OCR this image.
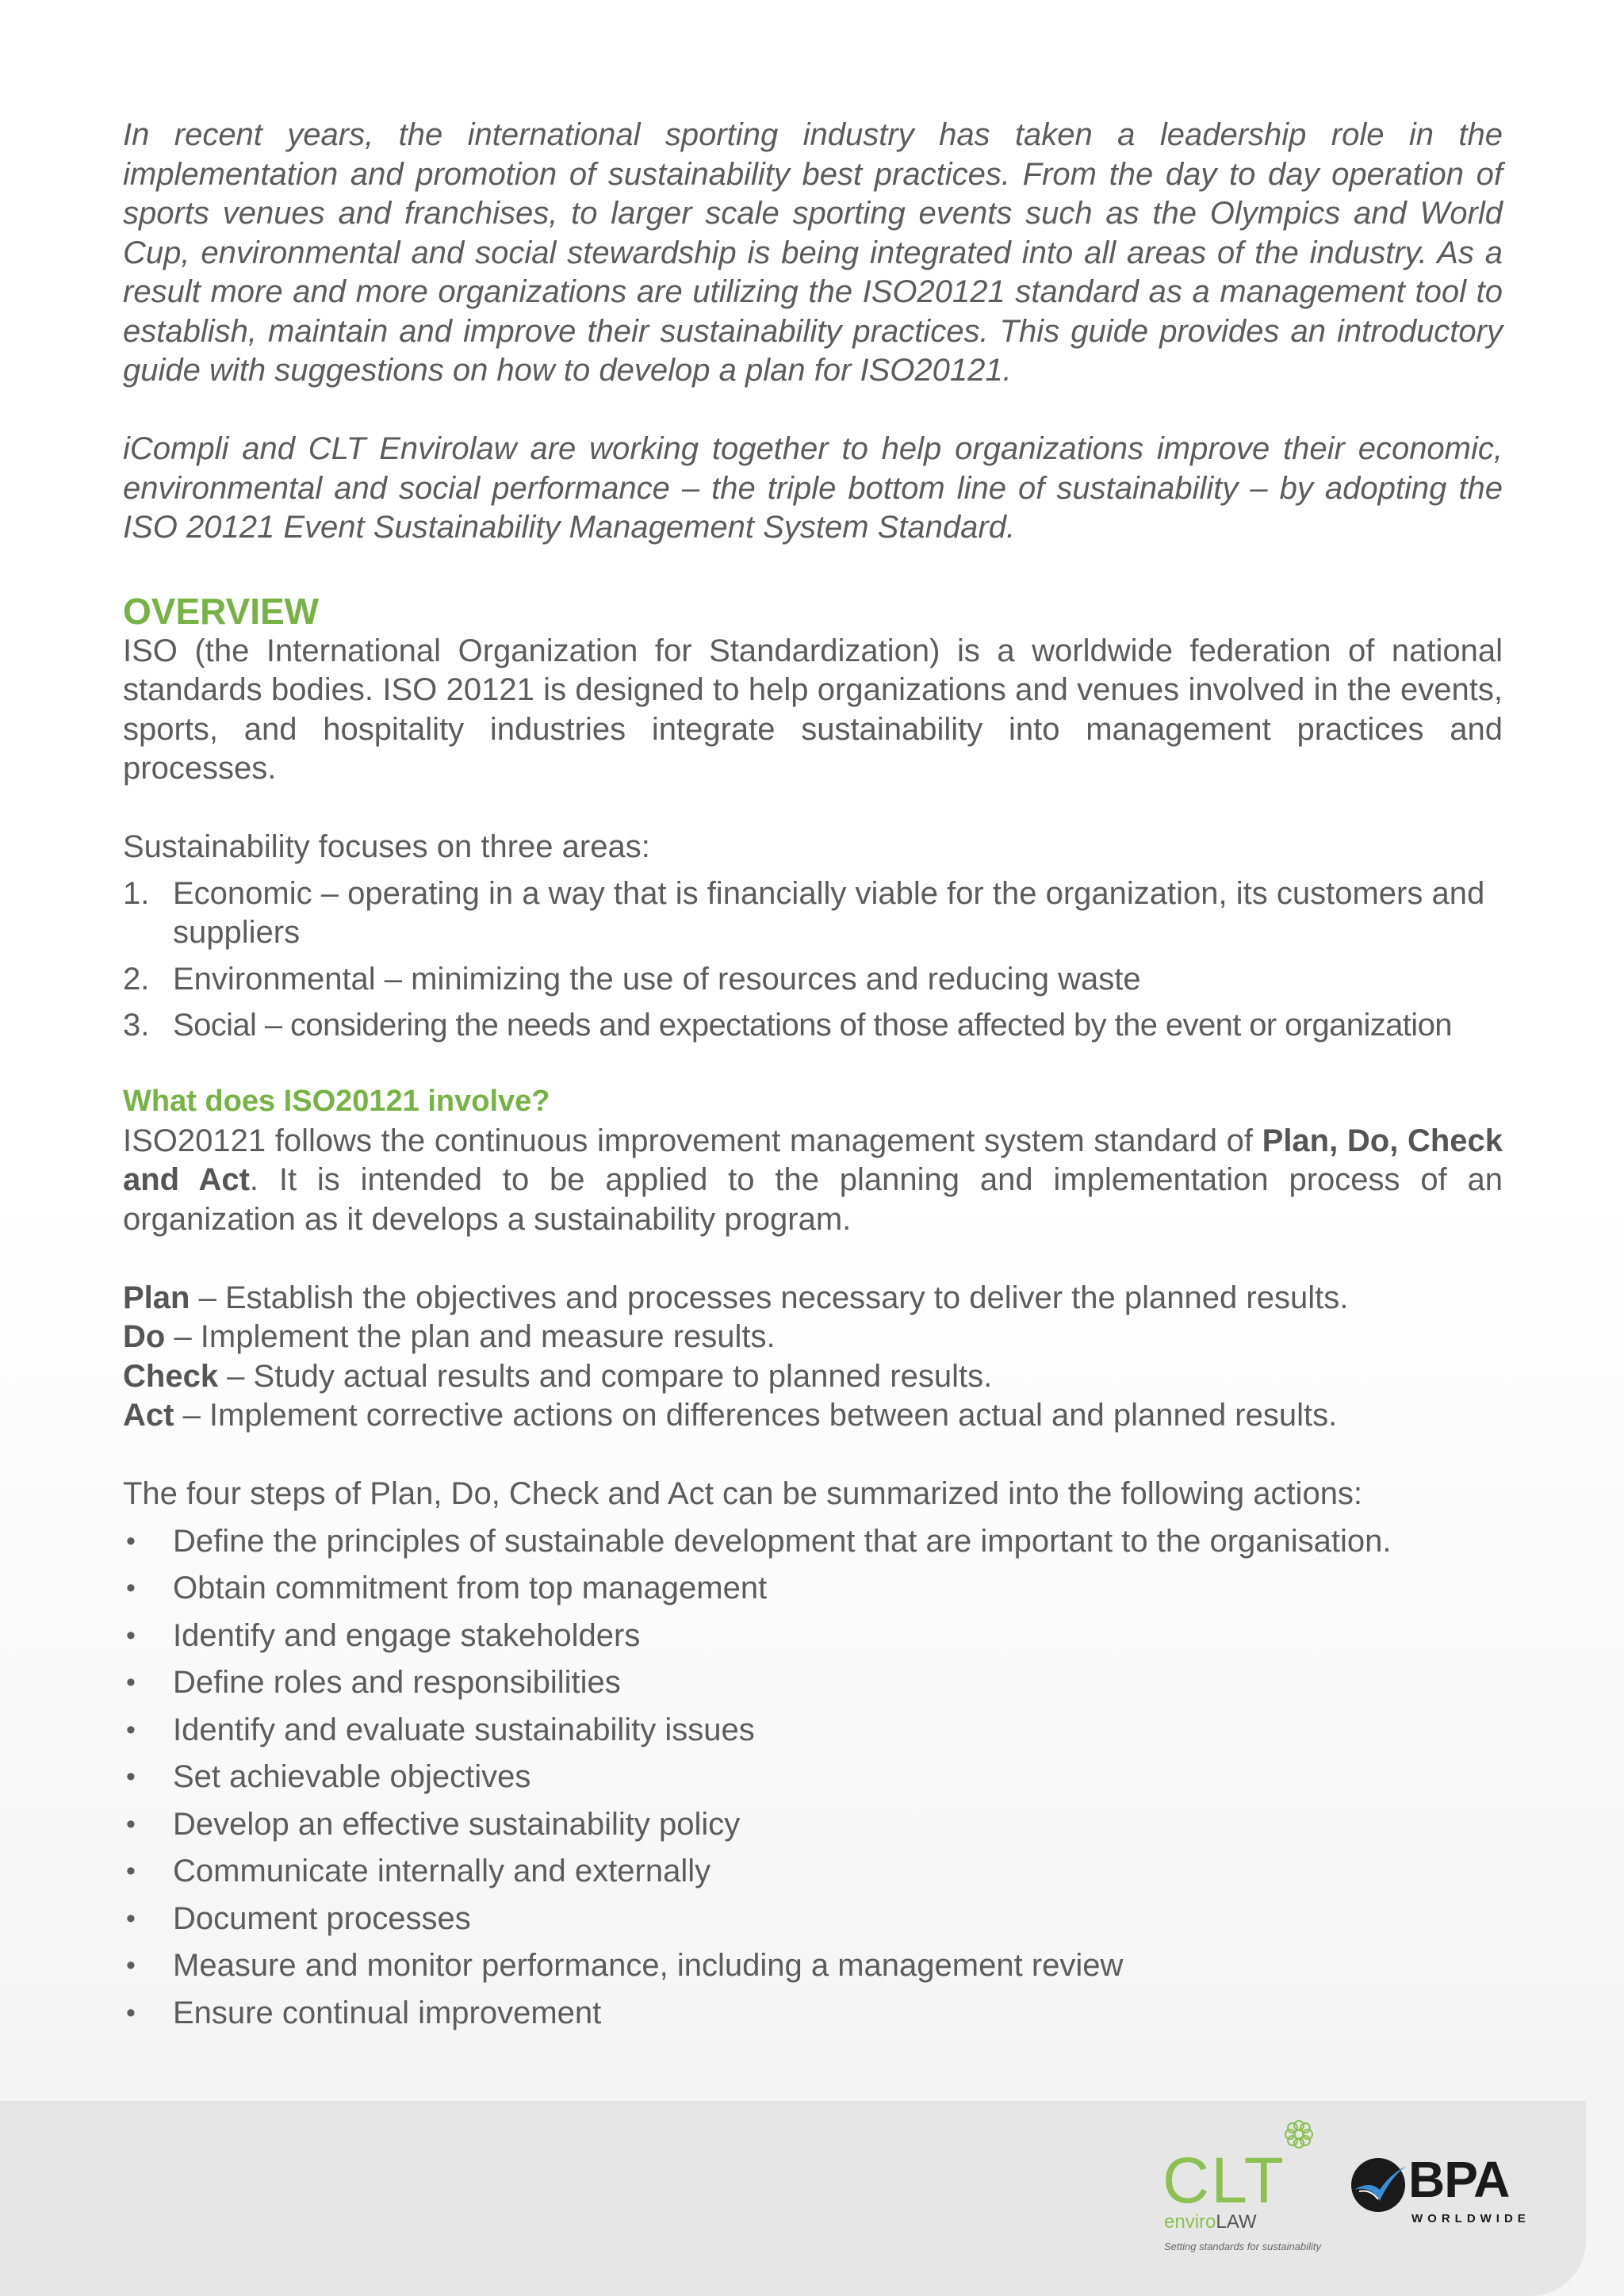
In recent years, the international sporting industry has taken a leadership role in the implementation and promotion of sustainability best practices. From the day to day operation of sports venues and franchises, to larger scale sporting events such as the Olympics and World Cup, environmental and social stewardship is being integrated into all areas of the industry. As a result more and more organizations are utilizing the ISO20121 standard as a management tool to establish, maintain and improve their sustainability practices. This guide provides an introductory guide with suggestions on how to develop a plan for ISO20121.

iCompli and CLT Envirolaw are working together to help organizations improve their economic, environmental and social performance – the triple bottom line of sustainability – by adopting the ISO 20121 Event Sustainability Management System Standard.

OVERVIEW

ISO (the International Organization for Standardization) is a worldwide federation of national standards bodies. ISO 20121 is designed to help organizations and venues involved in the events, sports, and hospitality industries integrate sustainability into management practices and processes.

Sustainability focuses on three areas:

1. Economic – operating in a way that is financially viable for the organization, its customers and suppliers
2. Environmental – minimizing the use of resources and reducing waste
3. Social – considering the needs and expectations of those affected by the event or organization
What does ISO20121 involve?

ISO20121 follows the continuous improvement management system standard of Plan, Do, Check and Act. It is intended to be applied to the planning and implementation process of an organization as it develops a sustainability program.

Plan – Establish the objectives and processes necessary to deliver the planned results.

Do – Implement the plan and measure results.

Check – Study actual results and compare to planned results.

Act – Implement corrective actions on differences between actual and planned results.

The four steps of Plan, Do, Check and Act can be summarized into the following actions:

• Define the principles of sustainable development that are important to the organisation.
• Obtain commitment from top management
• Identify and engage stakeholders
• Define roles and responsibilities
• Identify and evaluate sustainability issues
• Set achievable objectives
• Develop an effective sustainability policy
• Communicate internally and externally
• Document processes
• Measure and monitor performance, including a management review
• Ensure continual improvement
CLT
enviroLAW
Setting standards for sustainability
BPA
WORLDWIDE
